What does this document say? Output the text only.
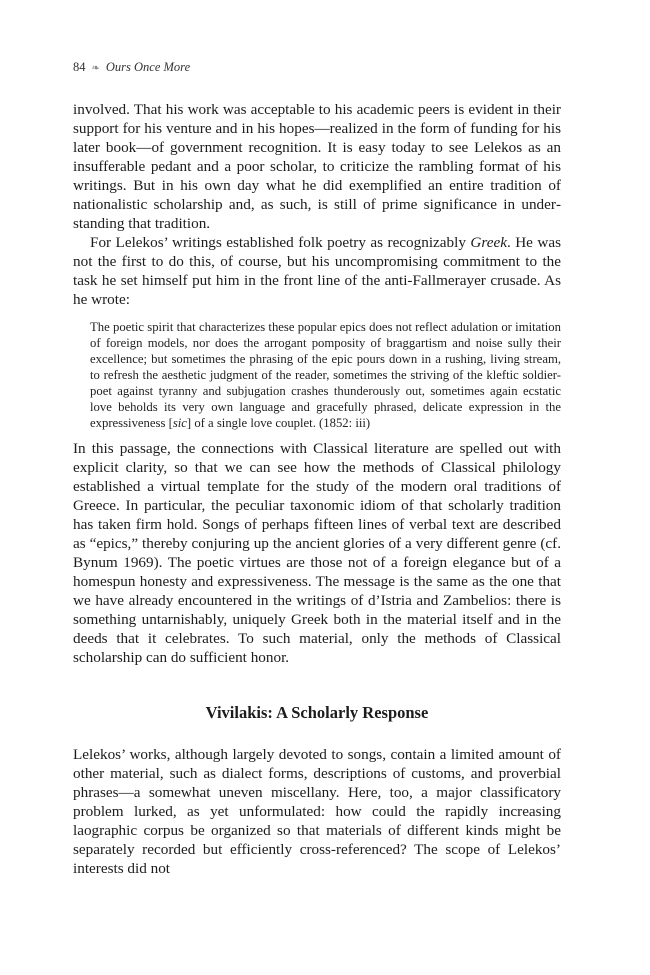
84 ❧ Ours Once More

involved. That his work was acceptable to his academic peers is evident in their support for his venture and in his hopes—realized in the form of funding for his later book—of government recognition. It is easy today to see Lelekos as an insufferable pedant and a poor scholar, to criticize the rambling format of his writings. But in his own day what he did exemplified an entire tradition of nationalistic scholarship and, as such, is still of prime significance in understanding that tradition.

For Lelekos’ writings established folk poetry as recognizably Greek. He was not the first to do this, of course, but his uncompromising commitment to the task he set himself put him in the front line of the anti-Fallmerayer crusade. As he wrote:

The poetic spirit that characterizes these popular epics does not reflect adulation or imitation of foreign models, nor does the arrogant pomposity of braggartism and noise sully their excellence; but sometimes the phrasing of the epic pours down in a rushing, living stream, to refresh the aesthetic judgment of the reader, sometimes the striving of the kleftic soldier-poet against tyranny and subjugation crashes thunderously out, sometimes again ecstatic love beholds its very own language and gracefully phrased, delicate expression in the expressiveness [sic] of a single love couplet. (1852: iii)

In this passage, the connections with Classical literature are spelled out with explicit clarity, so that we can see how the methods of Classical philology established a virtual template for the study of the modern oral traditions of Greece. In particular, the peculiar taxonomic idiom of that scholarly tradition has taken firm hold. Songs of perhaps fifteen lines of verbal text are described as “epics,” thereby conjuring up the ancient glories of a very different genre (cf. Bynum 1969). The poetic virtues are those not of a foreign elegance but of a homespun honesty and expressiveness. The message is the same as the one that we have already encountered in the writings of d’Istria and Zambelios: there is something untarnishably, uniquely Greek both in the material itself and in the deeds that it celebrates. To such material, only the methods of Classical scholarship can do sufficient honor.

Vivilakis: A Scholarly Response

Lelekos’ works, although largely devoted to songs, contain a limited amount of other material, such as dialect forms, descriptions of customs, and proverbial phrases—a somewhat uneven miscellany. Here, too, a major classificatory problem lurked, as yet unformulated: how could the rapidly increasing laographic corpus be organized so that materials of different kinds might be separately recorded but efficiently cross-referenced? The scope of Lelekos’ interests did not
